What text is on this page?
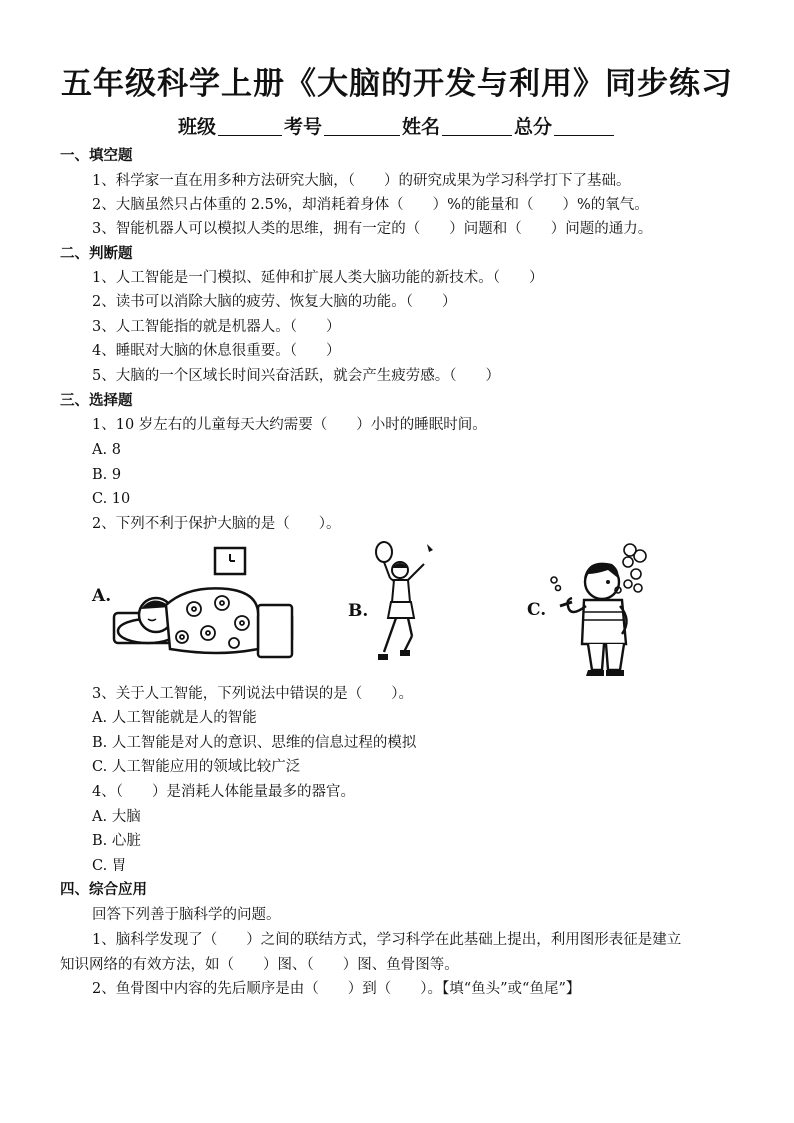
五年级科学上册《大脑的开发与利用》同步练习
班级	考号	姓名	总分
一、填空题
1、科学家一直在用多种方法研究大脑，（　　）的研究成果为学习科学打下了基础。
2、大脑虽然只占体重的 2.5%，却消耗着身体（　　）%的能量和（　　）%的氧气。
3、智能机器人可以模拟人类的思维，拥有一定的（　　）问题和（　　）问题的通力。
二、判断题
1、人工智能是一门模拟、延伸和扩展人类大脑功能的新技术。（　　）
2、读书可以消除大脑的疲劳、恢复大脑的功能。（　　）
3、人工智能指的就是机器人。（　　）
4、睡眠对大脑的休息很重要。（　　）
5、大脑的一个区域长时间兴奋活跃，就会产生疲劳感。（　　）
三、选择题
1、10 岁左右的儿童每天大约需要（　　）小时的睡眠时间。
A. 8
B. 9
C. 10
2、下列不利于保护大脑的是（　　）。
A.
B.	C.
3、关于人工智能，下列说法中错误的是（　　）。
A. 人工智能就是人的智能
B. 人工智能是对人的意识、思维的信息过程的模拟
C. 人工智能应用的领域比较广泛
4、（　　）是消耗人体能量最多的器官。
A. 大脑
B. 心脏
C. 胃
四、综合应用
回答下列善于脑科学的问题。
1、脑科学发现了（　　）之间的联结方式，学习科学在此基础上提出，利用图形表征是建立
知识网络的有效方法，如（　　）图、（　　）图、鱼骨图等。
2、鱼骨图中内容的先后顺序是由（　　）到（　　）。【填“鱼头”或“鱼尾”】
